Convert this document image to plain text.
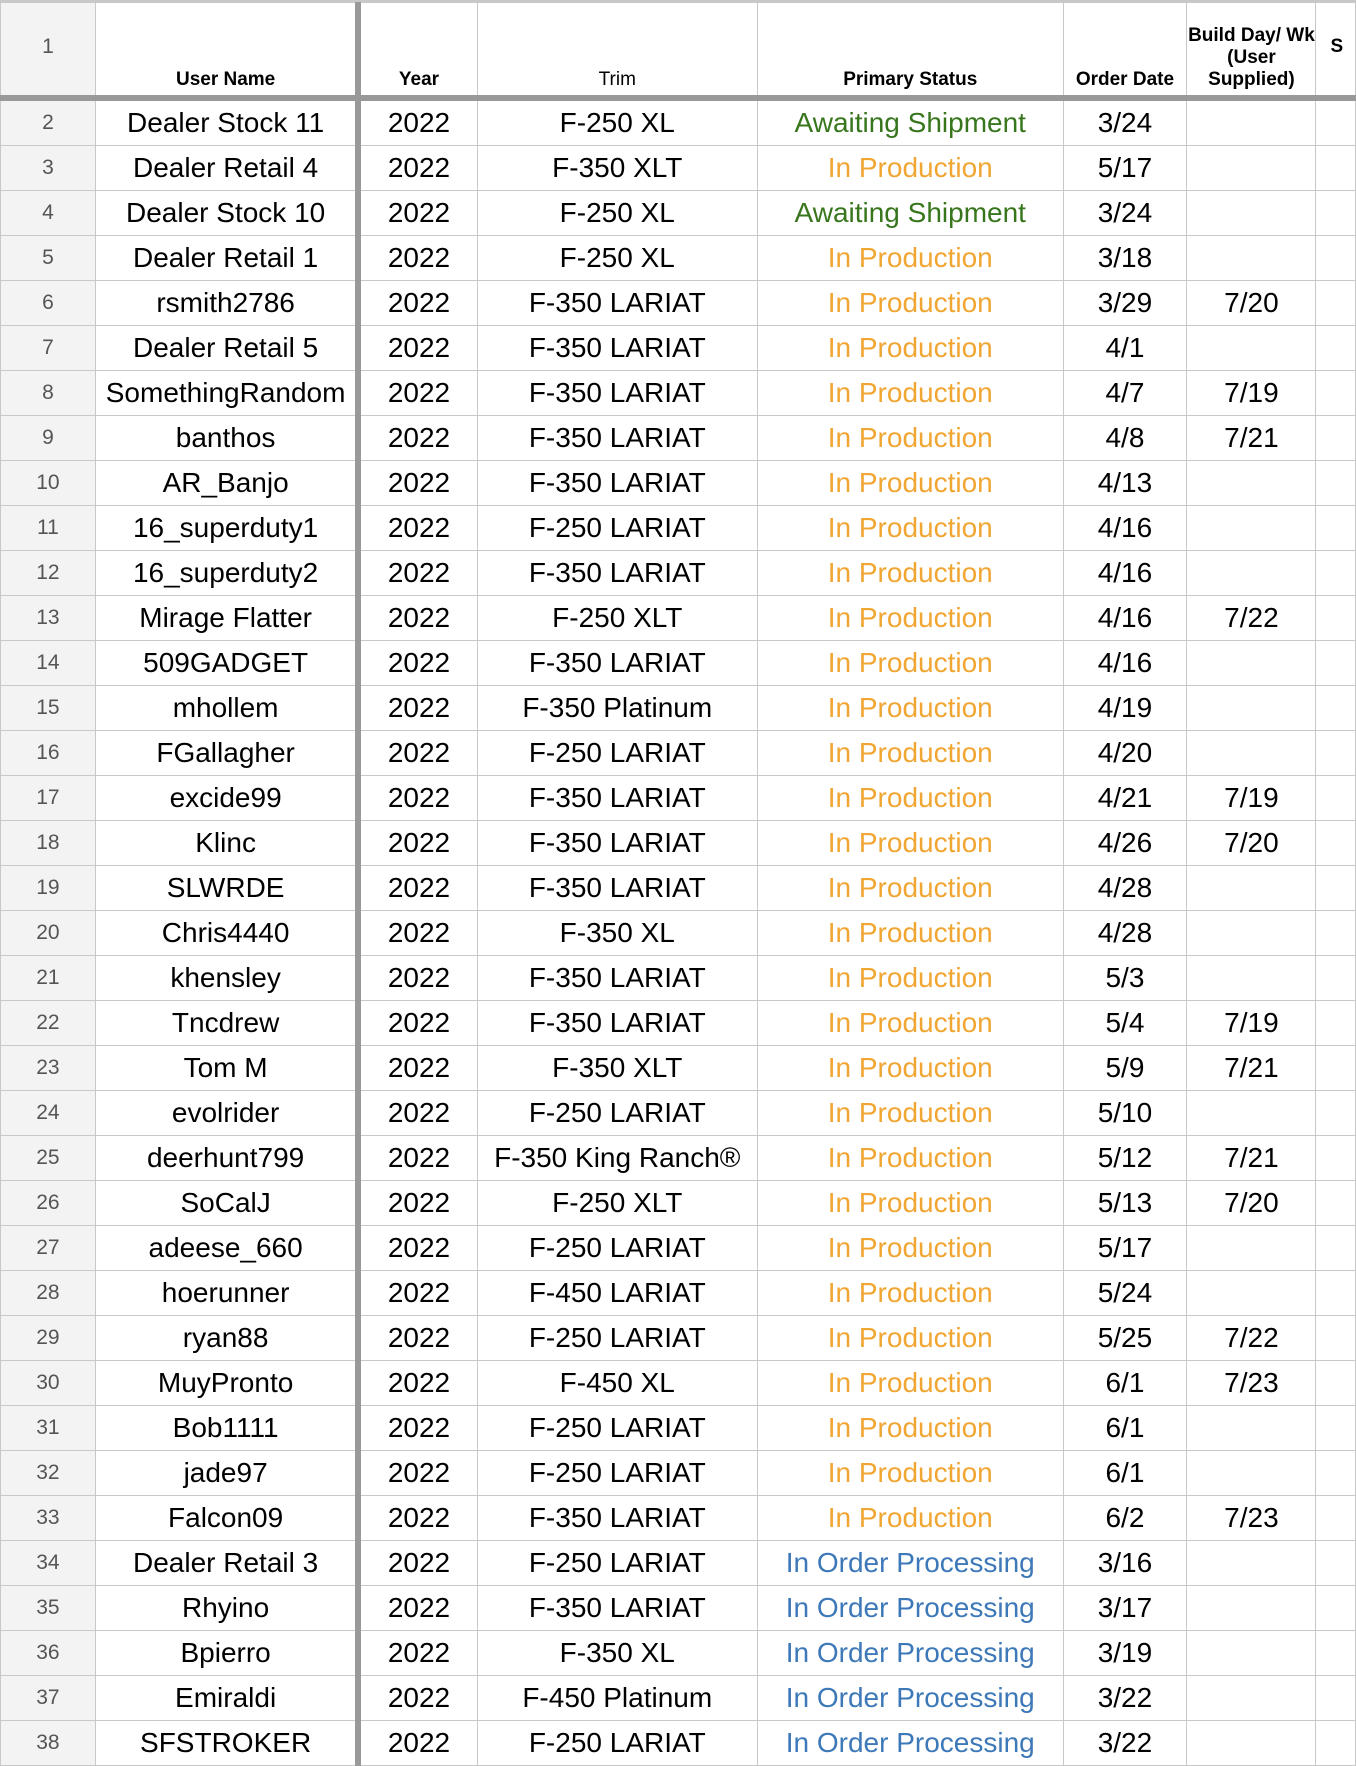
1	User Name	Year	Trim	Primary Status	Order Date	Build Day/ Wk (User Supplied)	S
2	Dealer Stock 11	2022	F-250 XL	Awaiting Shipment	3/24		
3	Dealer Retail 4	2022	F-350 XLT	In Production	5/17		
4	Dealer Stock 10	2022	F-250 XL	Awaiting Shipment	3/24		
5	Dealer Retail 1	2022	F-250 XL	In Production	3/18		
6	rsmith2786	2022	F-350 LARIAT	In Production	3/29	7/20	
7	Dealer Retail 5	2022	F-350 LARIAT	In Production	4/1		
8	SomethingRandom	2022	F-350 LARIAT	In Production	4/7	7/19	
9	banthos	2022	F-350 LARIAT	In Production	4/8	7/21	
10	AR_Banjo	2022	F-350 LARIAT	In Production	4/13		
11	16_superduty1	2022	F-250 LARIAT	In Production	4/16		
12	16_superduty2	2022	F-350 LARIAT	In Production	4/16		
13	Mirage Flatter	2022	F-250 XLT	In Production	4/16	7/22	
14	509GADGET	2022	F-350 LARIAT	In Production	4/16		
15	mhollem	2022	F-350 Platinum	In Production	4/19		
16	FGallagher	2022	F-250 LARIAT	In Production	4/20		
17	excide99	2022	F-350 LARIAT	In Production	4/21	7/19	
18	Klinc	2022	F-350 LARIAT	In Production	4/26	7/20	
19	SLWRDE	2022	F-350 LARIAT	In Production	4/28		
20	Chris4440	2022	F-350 XL	In Production	4/28		
21	khensley	2022	F-350 LARIAT	In Production	5/3		
22	Tncdrew	2022	F-350 LARIAT	In Production	5/4	7/19	
23	Tom M	2022	F-350 XLT	In Production	5/9	7/21	
24	evolrider	2022	F-250 LARIAT	In Production	5/10		
25	deerhunt799	2022	F-350 King Ranch®	In Production	5/12	7/21	
26	SoCalJ	2022	F-250 XLT	In Production	5/13	7/20	
27	adeese_660	2022	F-250 LARIAT	In Production	5/17		
28	hoerunner	2022	F-450 LARIAT	In Production	5/24		
29	ryan88	2022	F-250 LARIAT	In Production	5/25	7/22	
30	MuyPronto	2022	F-450 XL	In Production	6/1	7/23	
31	Bob1111	2022	F-250 LARIAT	In Production	6/1		
32	jade97	2022	F-250 LARIAT	In Production	6/1		
33	Falcon09	2022	F-350 LARIAT	In Production	6/2	7/23	
34	Dealer Retail 3	2022	F-250 LARIAT	In Order Processing	3/16		
35	Rhyino	2022	F-350 LARIAT	In Order Processing	3/17		
36	Bpierro	2022	F-350 XL	In Order Processing	3/19		
37	Emiraldi	2022	F-450 Platinum	In Order Processing	3/22		
38	SFSTROKER	2022	F-250 LARIAT	In Order Processing	3/22		
